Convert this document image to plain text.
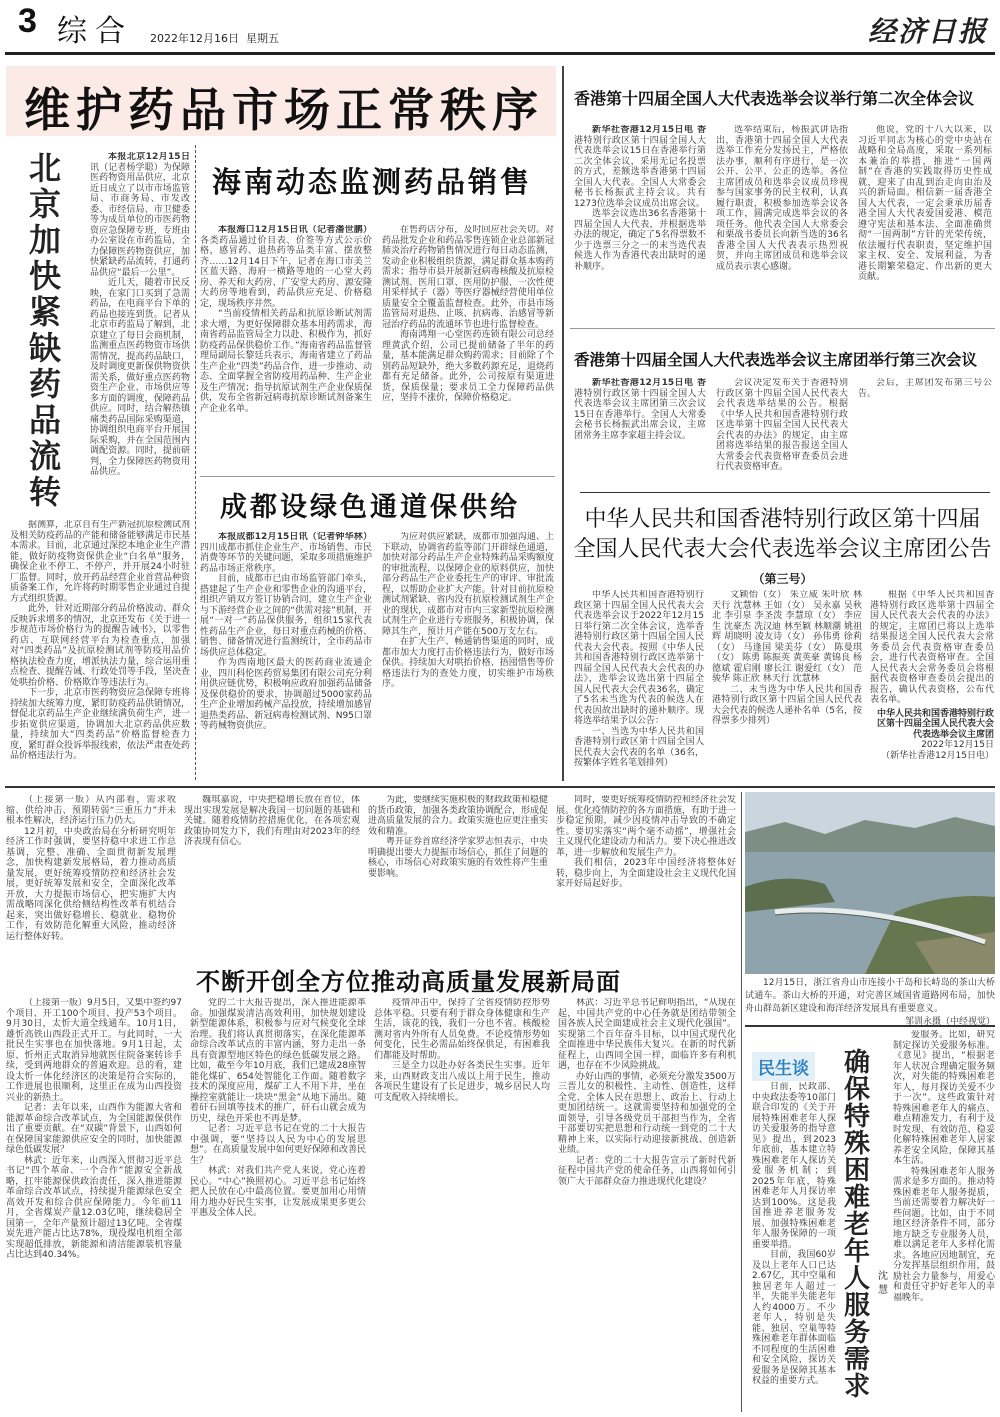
3 综合 2022年12月16日  星期五	经济日报
维护药品市场正常秩序
北京加快紧缺药品流转

本报北京12月15日讯（记者杨学聪）为保障医药物资用品供应，北京近日成立了以市市场监管局、市商务局、市发改委、市经信局、市卫健委等为成员单位的市医药物资应急保障专班，专班由办公室设在市药监局，全力保障医药物资供应，加快紧缺药品流转，打通药品供应“最后一公里”。

近几天，随着市民反映，在家门口买到了急需药品，在电商平台下单的药品也接连到货。记者从北京市药监局了解到，北京建立了每日会商机制，监测重点医药物资市场供需情况，提高药品缺口，及时调度更新保供物资供需关系，做好重点医药物资生产企业、市场供应等多方面的调度，保障药品供应。同时，结合解热镇痛类药品国际采购渠道，协调组织电商平台开展国际采购，并在全国范围内调配资源。同时，提前研判，全力保障医药物资用品供应。

据测算，北京自有生产新冠抗原检测试剂及相关防疫药品的产能和储备能够满足市民基本需求。目前，北京通过深挖本地企业生产潜能，做好防疫物资保供企业“白名单”服务，确保企业不停工、不停产，并开展24小时驻厂监督。同时，放开药品经营企业首营品种资质备案工作，允许将药时期零售企业通过自提方式组织货源。

此外，针对近期部分药品价格波动、群众反映诉求增多的情况，北京还发布《关于进一步规范市场价格行为的提醒告诫书》，以零售药店、互联网经营平台为检查重点，加强对“四类药品”及抗原检测试剂等防疫用品价格执法检查力度，增派执法力量，综合运用重点检查、提醒告诫、行政处罚等手段，坚决查处哄抬价格、价格欺诈等违法行为。

下一步，北京市医药物资应急保障专班将持续加大统筹力度，紧盯防疫药品供销情况，督促北京药品生产企业继续满负荷生产，进一步拓宽供应渠道，协调加大北京药品供应数量，持续加大“四类药品”价格监督检查力度，紧盯群众投诉举报线索，依法严肃查处药品价格违法行为。

海南动态监测药品销售

本报海口12月15日讯（记者潘世鹏）各类药品通过价目表、价签等方式公示价格，感冒药、退热药等品类丰富、摆放整齐……12月14日下午，记者在海口市美兰区蓝天路、海府一横路等地的一心堂大药房、养天和大药房、广安堂大药房、源安隆大药房等地看到，药品供应充足、价格稳定，现场秩序井然。

“当前疫情相关药品和抗原诊断试剂需求大增，为更好保障群众基本用药需求，海南省药品监管局全力以赴、积极作为，抓好防疫药品保供稳价工作。”海南省药品监督管理局副局长黎廷兵表示，海南省建立了药品生产企业“四类”药品合作，进一步推动、动态、全面掌握全省防疫用药品种、生产企业及生产情况；指导抗原试剂生产企业保质保供，发布全省新冠病毒抗原诊断试剂备案生产企业名单。

在售药店分布，及时回应社会关切。对药品批发企业和药品零售连锁企业总部新冠肺炎治疗药物销售情况进行每日动态监测，发动企业积极组织货源，满足群众基本购药需求；指导市县开展新冠病毒核酸及抗原检测试剂、医用口罩、医用防护服、一次性使用采样拭子（器）等医疗器械经营使用单位质量安全全覆盖监督检查。此外，市县市场监管局对退热、止咳、抗病毒、治感冒等新冠治疗药品的流通环节也进行监督检查。

海南鸿翔一心堂医药连锁有限公司总经理黄武介绍，公司已提前储备了半年的药量，基本能满足群众购药需求；目前除了个别药品短缺外，绝大多数药源充足，退烧药都有充足储备。此外，公司按原有渠道进货，保质保量；要求员工全力保障药品供应，坚持不涨价，保障价格稳定。

成都设绿色通道保供给

本报成都12月15日讯（记者钟华林）四川成都市抓住企业生产、市场销售、市民消费等环节的关键问题，采取多项措施维护药品市场正常秩序。

目前，成都市已由市场监管部门牵头，搭建起了生产企业和零售企业的沟通平台，组织产销双方签订协销合同，建立生产企业与下游经营企业之间的“供需对接”机制，开展“一对一”药品保供服务，组织15家代表性药品生产企业，每日对重点药械的价格、销售、储备情况进行监测统计，全市药品市场供应总体稳定。

作为西南地区最大的医药商业流通企业，四川科伦医药贸易集团有限公司充分利用供应链优势，积极响应政府加强药品储备及保供稳价的要求，协调超过5000家药品生产企业增加药械产品投放，持续增加感冒退热类药品、新冠病毒检测试剂、N95口罩等药械物资供应。

为应对供应紧缺，成都市加强沟通、上下联动，协调省药监等部门开辟绿色通道，加快对部分药品生产企业特殊药品采购额度的审批流程，以保障企业的原料供应，加快部分药品生产企业委托生产的审评、审批流程，以帮助企业扩大产能。针对目前抗原检测试剂紧缺、省内没有抗原检测试剂生产企业的现状，成都市对市内三家新型抗原检测试剂生产企业进行专班服务，积极协调，保障其生产，预计月产能在500万支左右。

在扩大生产、畅通销售渠道的同时，成都市加大力度打击价格违法行为，做好市场保供。持续加大对哄抬价格、捂囤惜售等价格违法行为的查处力度，切实维护市场秩序。

香港第十四届全国人大代表选举会议举行第二次全体会议

新华社香港12月15日电 香港特别行政区第十四届全国人大代表选举会议15日在香港举行第二次全体会议，采用无记名投票的方式，差额选举香港第十四届全国人大代表。全国人大常委会秘书长杨振武主持会议。共有1273位选举会议成员出席会议。

选举会议选出36名香港第十四届全国人大代表，并根据选举办法的规定，确定了5名得票数不少于选票三分之一的未当选代表候选人作为香港代表出缺时的递补顺序。

选举结束后，杨振武讲话指出，香港第十四届全国人大代表选举工作充分发扬民主，严格依法办事，顺利有序进行，是一次公开、公平、公正的选举。各位主席团成员和选举会议成员珍视参与国家事务的民主权利，认真履行职责，积极参加选举会议各项工作，圆满完成选举会议的各项任务。他代表全国人大常委会和栗战书委员长向新当选的36名香港全国人大代表表示热烈祝贺，并向主席团成员和选举会议成员表示衷心感谢。

他说，党的十八大以来，以习近平同志为核心的党中央站在战略和全局高度，采取一系列标本兼治的举措，推进“一国两制”在香港的实践取得历史性成就，迎来了由乱到治走向由治及兴的新局面。相信新一届香港全国人大代表，一定会秉承历届香港全国人大代表爱国爱港、模范遵守宪法和基本法、全面准确贯彻“一国两制”方针的光荣传统，依法履行代表职责，坚定维护国家主权、安全、发展利益，为香港长期繁荣稳定、作出新的更大贡献。

香港第十四届全国人大代表选举会议主席团举行第三次会议

新华社香港12月15日电 香港特别行政区第十四届全国人大代表选举会议主席团第三次会议15日在香港举行。全国人大常委会秘书长杨振武出席会议，主席团常务主席李家超主持会议。

会议决定发布关于香港特别行政区第十四届全国人民代表大会代表选举结果的公告。根据《中华人民共和国香港特别行政区选举第十四届全国人民代表大会代表的办法》的规定，由主席团将选举结果的报告报送全国人大常委会代表资格审查委员会进行代表资格审查。

会后，主席团发布第三号公告。

中华人民共和国香港特别行政区第十四届
全国人民代表大会代表选举会议主席团公告
（第三号）

中华人民共和国香港特别行政区第十四届全国人民代表大会代表选举会议于2022年12月15日举行第二次全体会议，选举香港特别行政区第十四届全国人民代表大会代表。按照《中华人民共和国香港特别行政区选举第十四届全国人民代表大会代表的办法》，选举会议选出第十四届全国人民代表大会代表36名，确定了5名未当选为代表的候选人在代表因故出缺时的递补顺序。现将选举结果予以公告：

一、当选为中华人民共和国香港特别行政区第十四届全国人民代表大会代表的名单（36名，按繁体字姓名笔划排列）

文颖怡（女） 朱立威 朱叶欣 林天行 沈慧林 王如（女） 吴永嘉 吴秋北 李引泉 李圣泼 李慧琼（女） 李应生 沈豪杰 冼汉迪 林至颖 林顺潮 姚祖辉 胡晓明 凌友诗（女） 孙伟勇 徐莉（女） 马逢国 梁美芬（女） 陈曼琪（女） 陈勇 陈振英 黄英豪 黄锦良 杨德斌 霍启刚 廖长江 谢爱红（女） 范骏华 陈正欣 林天行 沈慧林

二、未当选为中华人民共和国香港特别行政区第十四届全国人民代表大会代表的候选人递补名单（5名，按得票多少排列）

根据《中华人民共和国香港特别行政区选举第十四届全国人民代表大会代表的办法》的规定，主席团已将以上选举结果报送全国人民代表大会常务委员会代表资格审查委员会，进行代表资格审查。全国人民代表大会常务委员会将根据代表资格审查委员会提出的报告，确认代表资格，公布代表名单。

中华人民共和国香港特别行政区第十四届全国人民代表大会代表选举会议主席团
2022年12月15日
（新华社香港12月15日电）

（上接第一版）从内部看，需求收缩、供给冲击、预期转弱“三重压力”并未根本性解决，经济运行压力仍大。

12月初，中央政治局在分析研究明年经济工作时强调，要坚持稳中求进工作总基调，完整、准确、全面贯彻新发展理念，加快构建新发展格局，着力推动高质量发展，更好统筹疫情防控和经济社会发展，更好统筹发展和安全，全面深化改革开放，大力提振市场信心，把实施扩大内需战略同深化供给侧结构性改革有机结合起来，突出做好稳增长、稳就业、稳物价工作，有效防范化解重大风险，推动经济运行整体好转。

魏琪嘉说，中央把稳增长放在首位，体现出实现发展是解决我国一切问题的基础和关键。随着疫情防控措施优化，在各项宏观政策协同发力下，我们有理由对2023年的经济表现有信心。

为此，要继续实施积极的财政政策和稳健的货币政策，加强各类政策协调配合，形成促进高质量发展的合力。政策实施也应更注重实效和精准。

粤开证券首席经济学家罗志恒表示，中央明确提出要大力提振市场信心，抓住了问题的核心，市场信心对政策实施的有效性将产生重要影响。

同时，要更好统筹疫情防控和经济社会发展。优化疫情防控的各方面措施，有助于进一步稳定预期，减少因疫情冲击导致的不确定性。要切实落实“两个毫不动摇”，增强社会主义现代化建设动力和活力。要下决心推进改革，进一步解放和发展生产力。

我们相信，2023年中国经济将整体好转，稳步向上，为全面建设社会主义现代化国家开好局起好步。

12月15日，浙江省舟山市连接小干岛和长峙岛的茶山大桥试通车。茶山大桥的开通，对完善区域国省道路网布局，加快舟山群岛新区建设和海洋经济发展具有重要意义。
邹训永摄（中经视觉）
不断开创全方位推动高质量发展新局面

（上接第一版）9月5日，又集中签约97个项目、开工100个项目、投产53个项目。9月30日，太忻大道全线通车。10月1日，雄忻高铁山西段正式开工。与此同时，一大批民生实事也在加快落地。9月1日起，太原、忻州正式取消异地就医住院备案转诊手续，受到两地群众的普遍欢迎。总的看，建设太忻一体化经济区的决策是符合实际的，工作进展也很顺利，这里正在成为山西投资兴业的新热土。

记者：去年以来，山西作为能源大省和能源革命综合改革试点，为全国能源保供作出了重要贡献。在“双碳”背景下，山西如何在保障国家能源供应安全的同时，加快能源绿色低碳发展？

林武：近年来，山西深入贯彻习近平总书记“四个革命、一个合作”能源安全新战略，扛牢能源保供政治责任，深入推进能源革命综合改革试点，持续提升能源绿色安全高效开发和综合供应保障能力。今年前11月，全省煤炭产量12.03亿吨，继续稳居全国第一，全年产量预计超过13亿吨。全省煤炭先进产能占比达78%，现役煤电机组全部实现超低排放，新能源和清洁能源装机容量占比达到40.34%。

党的二十大报告提出，深入推进能源革命。加强煤炭清洁高效利用，加快规划建设新型能源体系，积极参与应对气候变化全球治理。我们将认真贯彻落实，在深化能源革命综合改革试点的丰富内涵，努力走出一条具有资源型地区特色的绿色低碳发展之路。比如，截至今年10月底，我们已建成28座智能化煤矿、654处智能化工作面。随着数字技术的深度应用，煤矿工人不用下井，坐在操控室就能让一块块“黑金”从地下涌出。随着矸石回填等技术的推广，矸石山就会成为历史，绿色开采也不再是梦。

记者：习近平总书记在党的二十大报告中强调，要“坚持以人民为中心的发展思想”。在高质量发展中如何更好保障和改善民生？

林武：对我们共产党人来说，党心连着民心。“中心”换照初心。习近平总书记始终把人民放在心中最高位置。要更加用心用情用力地办好民生实事，让发展成果更多更公平惠及全体人民。

疫情冲击中，保持了全省疫情防控形势总体平稳。只要有利于群众身体健康和生产生活，该花的钱，我们一分也不省。核酸检测对省内外所有人员免费。不论疫情形势如何变化，民生必需品始终保供足，有困难我们都能及时帮助。

三是全力以赴办好各类民生实事。近年来，山西财政支出八成以上用于民生，推动各项民生建设有了长足进步，城乡居民人均可支配收入持续增长。

林武：习近平总书记鲜明指出，“从现在起，中国共产党的中心任务就是团结带领全国各族人民全面建成社会主义现代化强国”。实现第二个百年奋斗目标，以中国式现代化全面推进中华民族伟大复兴。在新的时代新征程上，山西同全国一样，面临许多有利机遇，也存在不少风险挑战。

办好山西的事情，必须充分激发3500万三晋儿女的积极性、主动性、创造性，这样全党、全体人民在思想上、政治上、行动上更加团结统一。这就需要坚持和加强党的全面领导，引导各级党员干部担当作为，全省干部要切实把思想和行动统一到党的二十大精神上来，以实际行动迎接新挑战、创造新业绩。

记者：党的二十大报告宣示了新时代新征程中国共产党的使命任务，山西将如何引领广大干部群众奋力推进现代化建设？

民生谈

日前，民政部、中央政法委等10部门联合印发的《关于开展特殊困难老年人探访关爱服务的指导意见》提出，到2023年底前，基本建立特殊困难老年人探访关爱服务机制；到2025年年底，特殊困难老年人月探访率达到100%。这是我国推进养老服务发展、加强特殊困难老年人服务保障的一项重要举措。

目前，我国60岁及以上老年人口已达2.67亿，其中空巢和独居老年人超过一半，失能半失能老年人约4000万。不少老年人，特别是失能、独居、空巢等特殊困难老年群体面临不同程度的生活困难和安全风险，探访关爱服务是保障其基本权益的重要方式。

确保特殊困难老年人服务需求
沈慧

爱服务。比如，研究制定探访关爱服务标准。《意见》提出，“根据老年人状况合理确定服务频次，对失能的特殊困难老年人，每月探访关爱不少于一次”。这些政策针对特殊困难老年人的痛点、难点精准发力，有利于及时发现、有效防范、稳妥化解特殊困难老年人居家养老安全风险，保障其基本生活。

特殊困难老年人服务需求是多方面的。推动特殊困难老年人服务提质，当前还需要着力解决好一些问题。比如，由于不同地区经济条件不同，部分地方缺乏专业服务人员，难以满足老年人多样化需求。各地应因地制宜，充分发挥基层组织作用，鼓励社会力量参与，用爱心和责任守护好老年人的幸福晚年。
